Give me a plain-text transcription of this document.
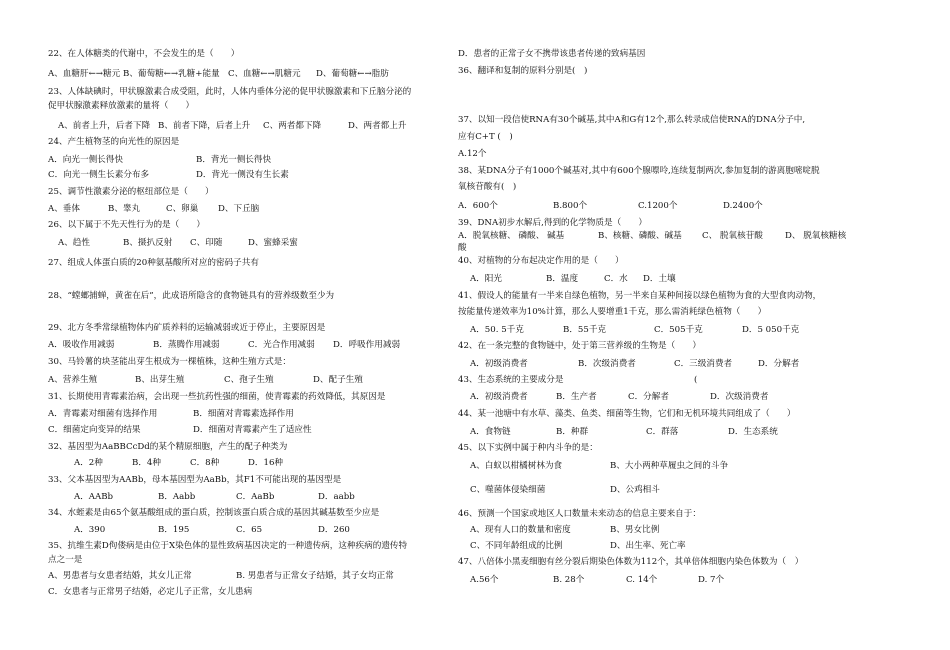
22、在人体糖类的代谢中，不会发生的是（　　）
A、血糖肝←→糖元 B、葡萄糖←→乳糖+能量 C、血糖←→肌糖元 D、葡萄糖←→脂肪
23、人体缺碘时，甲状腺激素合成受阻，此时，人体内垂体分泌的促甲状腺激素和下丘脑分泌的
促甲状腺激素释放激素的量将（　　）
A、前者上升，后者下降 B、前者下降，后者上升 C、两者都下降	D、两者都上升
24、产生植物茎的向光性的原因是
A．向光一侧长得快	B．背光一侧长得快
C．向光一侧生长素分布多	D．背光一侧没有生长素
25、调节性激素分泌的枢纽部位是（　　）
A、垂体	B、睾丸	C、卵巢 D、下丘脑
26、以下属于不先天性行为的是（　　）
A、趋性	B、摄扒反射 C、印随	D、蜜蜂采蜜
27、组成人体蛋白质的20种氨基酸所对应的密码子共有
28、“螳螂捕蝉，黄雀在后”，此成语所隐含的食物链具有的营养级数至少为
29、北方冬季常绿植物体内矿质养料的运输减弱或近于停止，主要原因是
A．吸收作用减弱	B．蒸腾作用减弱	C．光合作用减弱 D．呼吸作用减弱
30、马铃薯的块茎能出芽生根成为一棵植株，这种生殖方式是：
A、营养生殖	B、出芽生殖	C、孢子生殖	D、配子生殖
31、长期使用青霉素治病，会出现一些抗药性强的细菌，使青霉素的药效降低，其原因是
A．青霉素对细菌有选择作用	B．细菌对青霉素选择作用
C．细菌定向变异的结果	D．细菌对青霉素产生了适应性
32、基因型为AaBBCcDd的某个精原细胞，产生的配子种类为
A．2种	B．4种	C．8种	D．16种
33、父本基因型为AABb，母本基因型为AaBb，其F1不可能出现的基因型是
A．AABb	B．Aabb	C．AaBb	D．aabb
34、水蛭素是由65个氨基酸组成的蛋白质，控制该蛋白质合成的基因其碱基数至少应是
A．390	B．195	C．65	D．260
35、抗维生素D佝偻病是由位于X染色体的显性致病基因决定的一种遗传病，这种疾病的遗传特
点之一是
A、男患者与女患者结婚，其女儿正常	B. 男患者与正常女子结婚，其子女均正常
C．女患者与正常男子结婚，必定儿子正常，女儿患病
D．患者的正常子女不携带该患者传递的致病基因
36、翻译和复制的原料分别是(　)
37、以知一段信使RNA有30个碱基,其中A和G有12个,那么转录成信使RNA的DNA分子中,
应有C+T (　)
A.12个
38、某DNA分子有1000个碱基对,其中有600个腺嘌呤,连续复制两次,参加复制的游离胞嘧啶脱
氧核苷酸有(　)
A．600个	B.800个	C.1200个	D.2400个
39、DNA初步水解后,得到的化学物质是（　　）
A．脱氧核糖、 磷酸、 碱基	B、核糖、磷酸、碱基 C、 脱氧核苷酸	D、 脱氧核糖核
酸
40、对植物的分布起决定作用的是（　　）
A．阳光	B．温度	C．水 D．土壤
41、假设人的能量有一半来自绿色植物，另一半来自某种间接以绿色植物为食的大型食肉动物，
按能量传递效率为10%计算，那么人要增重1千克，那么需消耗绿色植物（　　）
A．50. 5千克	B．55千克	C．505千克	D．5 050千克
42、在一条完整的食物链中，处于第三营养级的生物是（　　）
A．初级消费者	B．次级消费者	C．三级消费者	D．分解者
43、生态系统的主要成分是	(
A．初级消费者	B．生产者	C．分解者	D．次级消费者
44、某一池塘中有水草、藻类、鱼类、细菌等生物，它们和无机环境共同组成了（　　）
A．食物链	B．种群	C．群落	D．生态系统
45、以下实例中属于种内斗争的是：
A、白蚁以柑橘树林为食	B、大小两种草履虫之间的斗争
C、噬菌体侵染细菌	D、公鸡相斗
46、预测一个国家或地区人口数量未来动态的信息主要来自于：
A、现有人口的数量和密度	B、男女比例
C、不同年龄组成的比例	D、出生率、死亡率
47、八倍体小黑麦细胞有丝分裂后期染色体数为112个，其单倍体细胞内染色体数为（　）
A.56个	B. 28个	C. 14个	D. 7个
